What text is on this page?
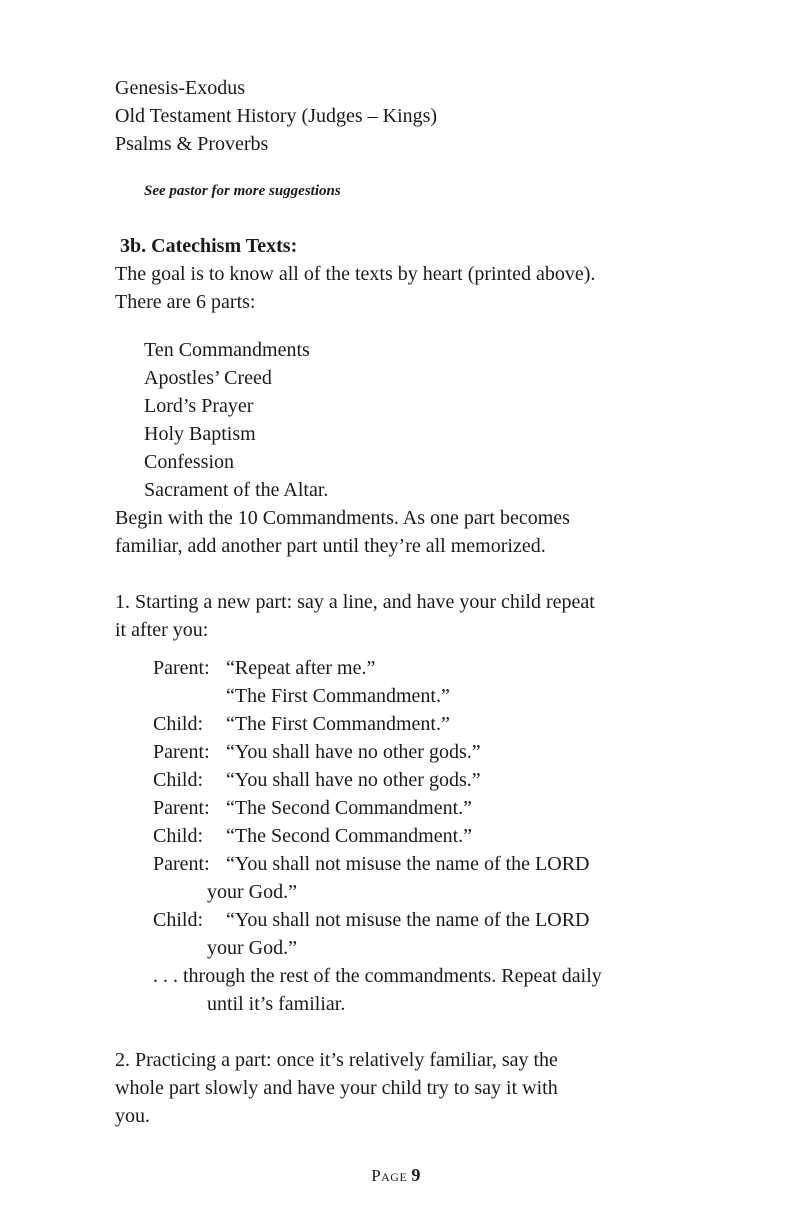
Genesis-Exodus
Old Testament History (Judges – Kings)
Psalms & Proverbs
See pastor for more suggestions
3b. Catechism Texts:
The goal is to know all of the texts by heart (printed above).
There are 6 parts:
Ten Commandments
Apostles’ Creed
Lord’s Prayer
Holy Baptism
Confession
Sacrament of the Altar.
Begin with the 10 Commandments. As one part becomes
familiar, add another part until they’re all memorized.
1. Starting a new part: say a line, and have your child repeat
it after you:
Parent: “Repeat after me.”
“The First Commandment.”
Child: “The First Commandment.”
Parent: “You shall have no other gods.”
Child: “You shall have no other gods.”
Parent: “The Second Commandment.”
Child: “The Second Commandment.”
Parent: “You shall not misuse the name of the LORD
your God.”
Child: “You shall not misuse the name of the LORD
your God.”
. . . through the rest of the commandments. Repeat daily
until it’s familiar.
2. Practicing a part: once it’s relatively familiar, say the
whole part slowly and have your child try to say it with
you.
Page 9
